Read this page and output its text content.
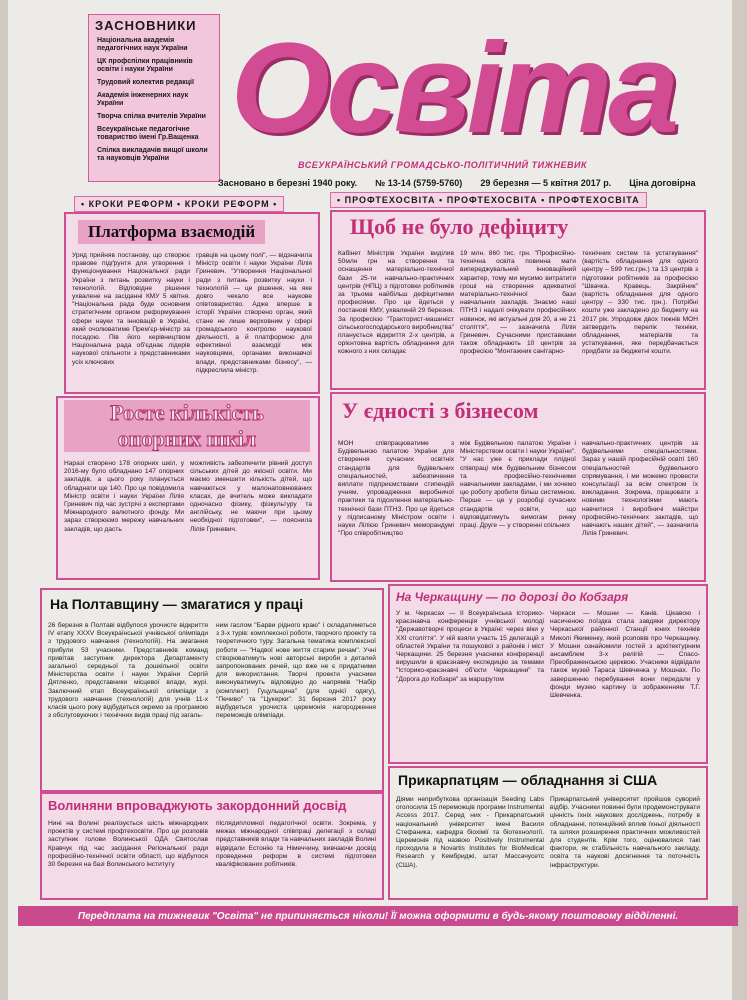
ЗАСНОВНИКИ
Національна академія педагогічних наук України
ЦК профспілки працівників освіти і науки України
Трудовий колектив редакції
Академія інженерних наук України
Творча спілка вчителів України
Всеукраїнське педагогічне товариство імені Гр.Ващенка
Спілка викладачів вищої школи та науковців України Освіта
ВСЕУКРАЇНСЬКИЙ ГРОМАДСЬКО-ПОЛІТИЧНИЙ ТИЖНЕВИК
Засновано в березні 1940 року. № 13-14 (5759-5760) 29 березня — 5 квітня 2017 р. Ціна договірна
• КРОКИ РЕФОРМ • КРОКИ РЕФОРМ •	• ПРОФТЕХОСВІТА • ПРОФТЕХОСВІТА • ПРОФТЕХОСВІТА
Платформа взаємодій
Уряд прийняв постанову, що створює правове підґрунтя для утворення і функціонування Національної ради України з питань розвитку науки і технологій. Відповідне рішення ухвалене на засіданні КМУ 5 квітня. "Національна рада буде основним стратегічним органом реформування сфери науки та інновацій в Україні, який очолюватиме Прем'єр-міністр за посадою. Пів його керівництвом Національна рада об'єднає лідерів наукової спільноти з представниками усіх ключових
гравців на цьому полі", — відзначила Міністр освіти і науки України Лілія Гриневич. "Утворення Національної ради з питань розвитку науки і технологій — це рішення, на яке довго чекало все наукове співтовариство. Адже вперше в історії України створено орган, який стане не лише верховним у сфері громадського контролю наукової діяльності, а й платформою для ефективної взаємодії між науковцями, органами виконавчої влади, представниками бізнесу", — підкреслила міністр.
Щоб не було дефіциту
Кабінет Міністрів України виділив 50млн грн на створення та оснащення матеріально-технічної бази 25-ти навчально-практичних центрів (НПЦ) з підготовки робітників за трьома найбільш дефіцитними професіями. Про це йдеться у постанові КМУ, ухваленій 29 березня. За професією "Тракторист-машиніст сільськогосподарського виробництва" планується відкриття 2-х центрів, а орієнтовна вартість обладнання для кожного з них складає
19 млн. 860 тис. грн. "Професійно-технічна освіта повинна мати випереджувальний інноваційний характер, тому ми мусимо витратити гроші на створення адекватної матеріально-технічної бази навчальних закладів. Знаємо наші ПТНЗ і надалі очікувати професійних новинок, які актуальні для 20, а не 21 століття", — зазначила Лілія Гриневич. Сучасними приставками також обладнають 10 центрів за професією "Монтажник санітарно-
технічних систем та устаткування" (вартість обладнання для одного центру – 599 тис.грн.) та 13 центрів з підготовки робітників за професією "Швачка. Кравець. Закрійник" (вартість обладнання для одного центру – 330 тис. грн.). Потрібні кошти уже закладено до бюджету на 2017 рік. Упродовж двох тижнів МОН затвердить перелік техніки, обладнання, матеріалів та устаткування, яке передбачається придбати за бюджетні кошти.
Росте кількість
опорних шкіл
Наразі створено 178 опорних шкіл, у 2016-му було обладнано 147 опорних закладів, а цього року планується обладнати ще 140. Про це повідомила Міністр освіти і науки України Лілія Гриневич під час зустрічі з експертами Міжнародного валютного фонду. Ми зараз створюємо мережу навчальних закладів, що дасть
можливість забезпечити рівний доступ сільських дітей до якісної освіти. Ми маємо зменшити кількість дітей, що навчаються у малонаповнюваних класах, де вчитель може викладати одночасно фізику, фізкультуру та англійську, не маючи при цьому необхідної підготовки", — пояснила Лілія Гриневич.
У єдності з бізнесом
МОН співпрацюватиме з Будівельною палатою України для створення сучасних освітніх стандартів для будівельних спеціальностей, забезпечення виплати підприємствами стипендій учням, упровадження виробничої практики та підсилення матеріально-технічної бази ПТНЗ. Про це йдеться у підписаному Міністром освіти і науки Лілією Гриневич меморандумі "Про співробітництво
між Будівельною палатою України і Міністерством освіти і науки України". "У нас уже є приклади плідної співпраці між будівельним бізнесом та професійно-технічними навчальними закладами, і ми хочемо цю роботу зробити більш системною. Перше — це у розробці сучасних стандартів освіти, що відповідатимуть вимогам ринку праці. Друге — у створенні спільних
навчально-практичних центрів за будівельними спеціальностями. Зараз у нашій професійній освіті 160 спеціальностей будівельного спрямування, і ми можемо провести консультації за всім спектром їх викладання. Зокрема, працювати з новими технологіями мають навчитися і виробничі майстри професійно-технічних закладів, що навчають наших дітей", — зазначила Лілія Гриневич.
На Полтавщину — змагатися у праці
26 березня в Полтаві відбулося урочисте відкриття IV етапу XXXV Всеукраїнської учнівської олімпіади з трудового навчання (технологій). На змагання прибули 53 учасники. Представників команд привітав заступник директора Департаменту загальної середньої та дошкільної освіти Міністерства освіти і науки України Сергій Дятленко, представники місцевої влади, журі. Заключний етап Всеукраїнської олімпіади з трудового навчання (технологій) для учнів 11-х класів цього року відбудеться окремо за програмою з обслуговуючих і технічних видів праці під загаль-
ним гаслом "Барви рідного краю" і складатиметься з 3-х турів: комплексної роботи, творчого проекту та теоретичного туру. Загальна тематика комплексної роботи — "Надвої нове життя старим речам". Учні створюватимуть нові авторські вироби з деталей запропонованих речей, що вже не є придатними для використання. Творчі проекти учасники виконуватимуть відповідно до напрямів "Набір (комплект) Гуцульщина" (для однієї одягу), "Печиво" та "Цукерки". 31 березня 2017 року відбудеться урочиста церемонія нагородження переможців олімпіади.
На Черкащину — по дорозі до Кобзаря
У м. Черкасах — II Всеукраїнська історико-краєзнавча конференція учнівської молоді "Державотворчі процеси в Україні: через віки у XXI століття". У ній взяли участь 15 делегацій з областей України та пошукової з районів і міст Черкащини. 25 березня учасники конференції вирушили в краєзнавчу експедицію за темами "Історико-краєзнавчі об'єкти Черкащини" та "Дорога до Кобзаря" за маршрутом
Черкаси — Мошни — Канів. Цікавою і насиченою поїздка стала завдяки директору Черкаської районної Станції юних техніків Миколі Якименку, який розповів про Черкащину. У Мошни ознайомили гостей з архітектурним ансамблем 3-х релігій — Спасо-Преображенською церквою. Учасники відвідали також музей Тараса Шевченка у Мошнах. По завершенню перебування вони передали у фонди музею картину із зображенням Т.Г. Шевченка.
Прикарпатцям — обладнання зі США
Діями неприбуткова організація Seeding Labs оголосила 15 переможців програми Instrumental Access 2017. Серед них - Прикарпатський національний університет імені Василя Стефаника, кафедра біохімії та біотехнології. Церемонія під назвою Positively Instrumental проходила в Novartis Institutes for BioMedical Research у Кембриджі, штат Массачусетс (США).
Прикарпатський університет пройшов суворий відбір. Учасники повинні були продемонструвати цінність їхніх наукових досліджень, потребу в обладнанні, потенційний вплив їхньої діяльності та шляхи розширення практичних можливостей для студентів. Крім того, оцінювалися такі фактори, як стабільність навчального закладу, освіта та наукові досягнення та поточність інфраструктури.
Волиняни впроваджують закордонний досвід
Нині на Волині реалізується шість міжнародних проектів у системі профтехосвіти. Про це розповів заступник голови Волинської ОДА Святослав Кравчук під час засідання Регіональної ради професійно-технічної освіти області, що відбулося 30 березня на базі Волинського інституту
післядипломної педагогічної освіти. Зокрема, у межах міжнародної співпраці делегації з складі представників влади та навчальних закладів Волині відвідали Естонію та Німеччину, вивчаючи досвід проведення реформ в системі підготовки кваліфікованих робітників.
Передплата на тижневик "Освіта" не припиняється ніколи! Її можна оформити в будь-якому поштовому відділенні.
